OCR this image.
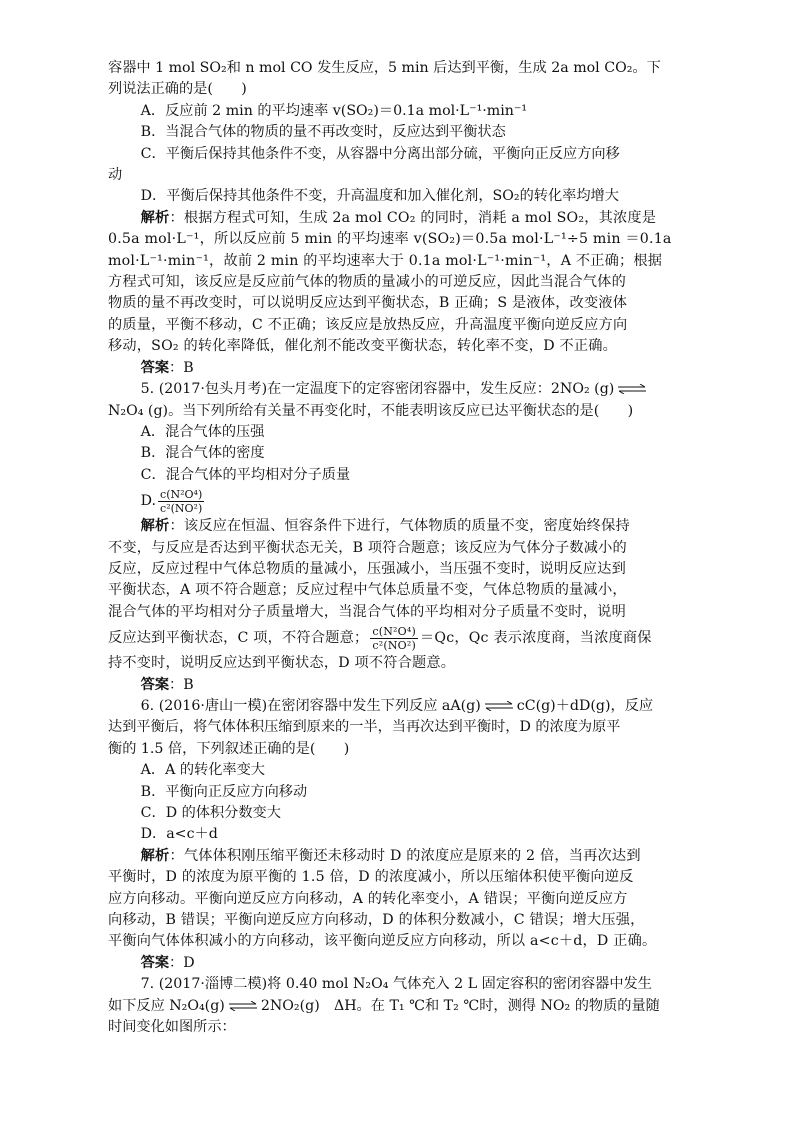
容器中 1 mol SO₂和 n mol CO 发生反应，5 min 后达到平衡，生成 2a mol CO₂。下

列说法正确的是(　　)

A．反应前 2 min 的平均速率 v(SO₂)＝0.1a mol·L⁻¹·min⁻¹

B．当混合气体的物质的量不再改变时，反应达到平衡状态

C．平衡后保持其他条件不变，从容器中分离出部分硫，平衡向正反应方向移

动

D．平衡后保持其他条件不变，升高温度和加入催化剂，SO₂的转化率均增大

解析：根据方程式可知，生成 2a mol CO₂ 的同时，消耗 a mol SO₂，其浓度是

0.5a mol·L⁻¹，所以反应前 5 min 的平均速率 v(SO₂)＝0.5a mol·L⁻¹÷5 min ＝0.1a

mol·L⁻¹·min⁻¹，故前 2 min 的平均速率大于 0.1a mol·L⁻¹·min⁻¹，A 不正确；根据

方程式可知，该反应是反应前气体的物质的量减小的可逆反应，因此当混合气体的

物质的量不再改变时，可以说明反应达到平衡状态，B 正确；S 是液体，改变液体

的质量，平衡不移动，C 不正确；该反应是放热反应，升高温度平衡向逆反应方向

移动，SO₂ 的转化率降低，催化剂不能改变平衡状态，转化率不变，D 不正确。

答案：B

5. (2017·包头月考)在一定温度下的定容密闭容器中，发生反应：2NO₂ (g) ⇌

N₂O₄ (g)。当下列所给有关量不再变化时，不能表明该反应已达平衡状态的是(　　)

A．混合气体的压强

B．混合气体的密度

C．混合气体的平均相对分子质量

D. $\frac{\text{c(N²O⁴)}}{\text{c²(NO²)}}$

解析：该反应在恒温、恒容条件下进行，气体物质的质量不变，密度始终保持

不变，与反应是否达到平衡状态无关，B 项符合题意；该反应为气体分子数减小的

反应，反应过程中气体总物质的量减小，压强减小，当压强不变时，说明反应达到

平衡状态，A 项不符合题意；反应过程中气体总质量不变，气体总物质的量减小，

混合气体的平均相对分子质量增大，当混合气体的平均相对分子质量不变时，说明

反应达到平衡状态，C 项，不符合题意； $\frac{\text{c(N²O⁴)}}{\text{c²(NO²)}} =Qc$，Qc 表示浓度商，当浓度商保

持不变时，说明反应达到平衡状态，D 项不符合题意。

答案：B

6. (2016·唐山一模)在密闭容器中发生下列反应 aA(g) ⇌ cC(g)＋dD(g)，反应

达到平衡后，将气体体积压缩到原来的一半，当再次达到平衡时，D 的浓度为原平

衡的 1.5 倍，下列叙述正确的是(　　)

A．A 的转化率变大

B．平衡向正反应方向移动

C．D 的体积分数变大

D．a<c＋d

解析：气体体积刚压缩平衡还未移动时 D 的浓度应是原来的 2 倍，当再次达到

平衡时，D 的浓度为原平衡的 1.5 倍，D 的浓度减小，所以压缩体积使平衡向逆反

应方向移动。平衡向逆反应方向移动，A 的转化率变小，A 错误；平衡向逆反应方

向移动，B 错误；平衡向逆反应方向移动，D 的体积分数减小，C 错误；增大压强，

平衡向气体体积减小的方向移动，该平衡向逆反应方向移动，所以 a<c＋d，D 正确。

答案：D

7. (2017·淄博二模)将 0.40 mol N₂O₄ 气体充入 2 L 固定容积的密闭容器中发生

如下反应 N₂O₄(g) ⇌ 2NO₂(g)　ΔH。在 T₁ ℃和 T₂ ℃时，测得 NO₂ 的物质的量随

时间变化如图所示：
